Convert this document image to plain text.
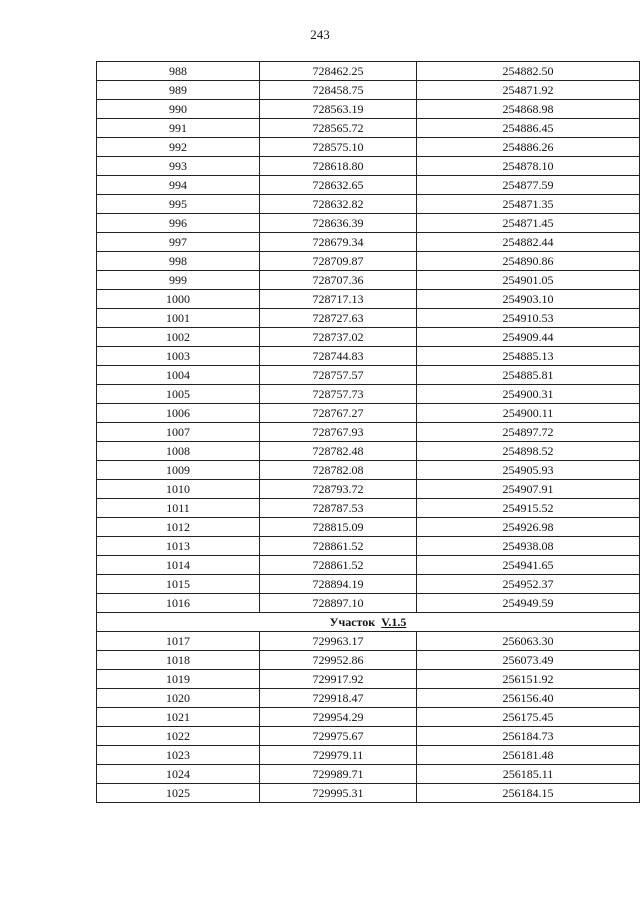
243
988	728462.25	254882.50
989	728458.75	254871.92
990	728563.19	254868.98
991	728565.72	254886.45
992	728575.10	254886.26
993	728618.80	254878.10
994	728632.65	254877.59
995	728632.82	254871.35
996	728636.39	254871.45
997	728679.34	254882.44
998	728709.87	254890.86
999	728707.36	254901.05
1000	728717.13	254903.10
1001	728727.63	254910.53
1002	728737.02	254909.44
1003	728744.83	254885.13
1004	728757.57	254885.81
1005	728757.73	254900.31
1006	728767.27	254900.11
1007	728767.93	254897.72
1008	728782.48	254898.52
1009	728782.08	254905.93
1010	728793.72	254907.91
1011	728787.53	254915.52
1012	728815.09	254926.98
1013	728861.52	254938.08
1014	728861.52	254941.65
1015	728894.19	254952.37
1016	728897.10	254949.59
Участок V.1.5		
1017	729963.17	256063.30
1018	729952.86	256073.49
1019	729917.92	256151.92
1020	729918.47	256156.40
1021	729954.29	256175.45
1022	729975.67	256184.73
1023	729979.11	256181.48
1024	729989.71	256185.11
1025	729995.31	256184.15
